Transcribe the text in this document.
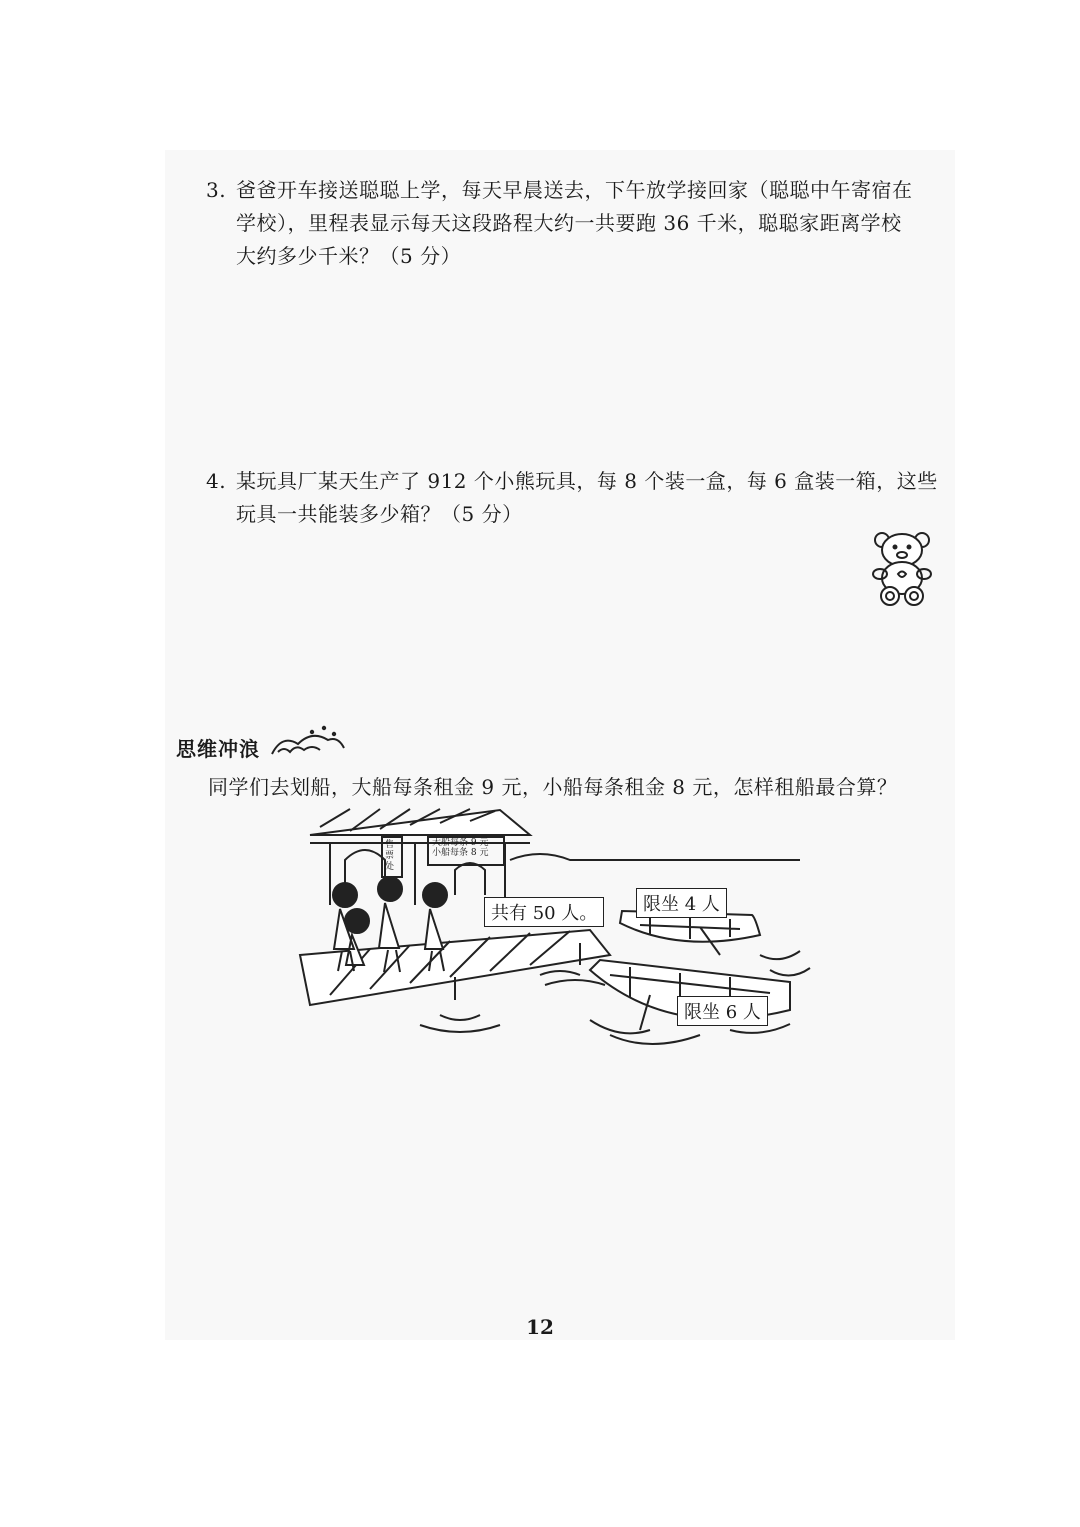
3. 爸爸开车接送聪聪上学，每天早晨送去，下午放学接回家（聪聪中午寄宿在
学校），里程表显示每天这段路程大约一共要跑 36 千米，聪聪家距离学校
大约多少千米？（5 分）
4. 某玩具厂某天生产了 912 个小熊玩具，每 8 个装一盒，每 6 盒装一箱，这些
玩具一共能装多少箱？（5 分）
思维冲浪
同学们去划船，大船每条租金 9 元，小船每条租金 8 元，怎样租船最合算？
售票处
大船每条 9 元
小船每条 8 元
共有 50 人。	限坐 4 人
限坐 6 人
12
